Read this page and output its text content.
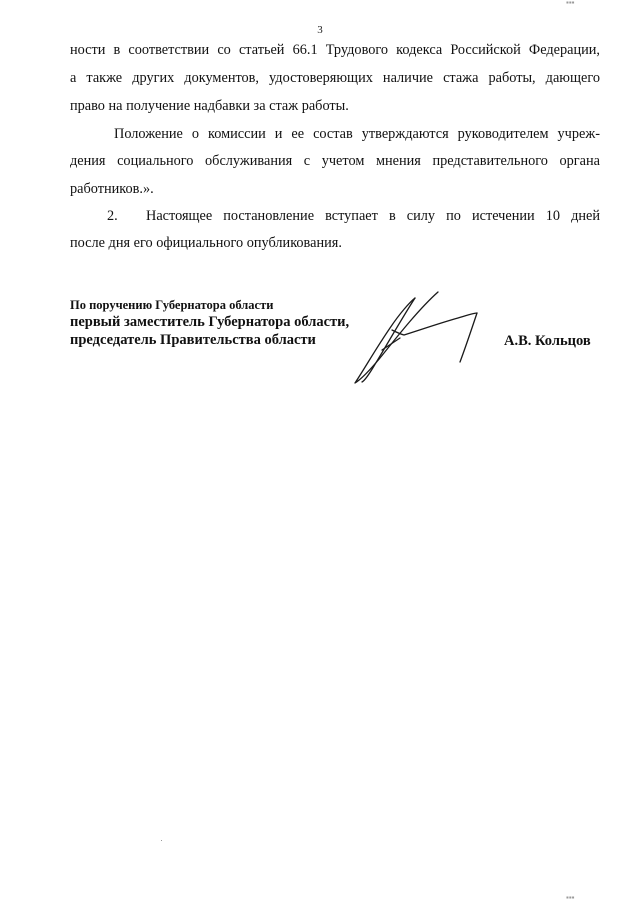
3
ности в соответствии со статьей 66.1 Трудового кодекса Российской Федерации,
а также других документов, удостоверяющих наличие стажа работы, дающего
право на получение надбавки за стаж работы.
Положение о комиссии и ее состав утверждаются руководителем учреж-
дения социального обслуживания с учетом мнения представительного органа
работников.».
2. Настоящее постановление вступает в силу по истечении 10 дней
после дня его официального опубликования.
По поручению Губернатора области
первый заместитель Губернатора области,
председатель Правительства области	А.В. Кольцов
▪▪▪
▪▪▪
